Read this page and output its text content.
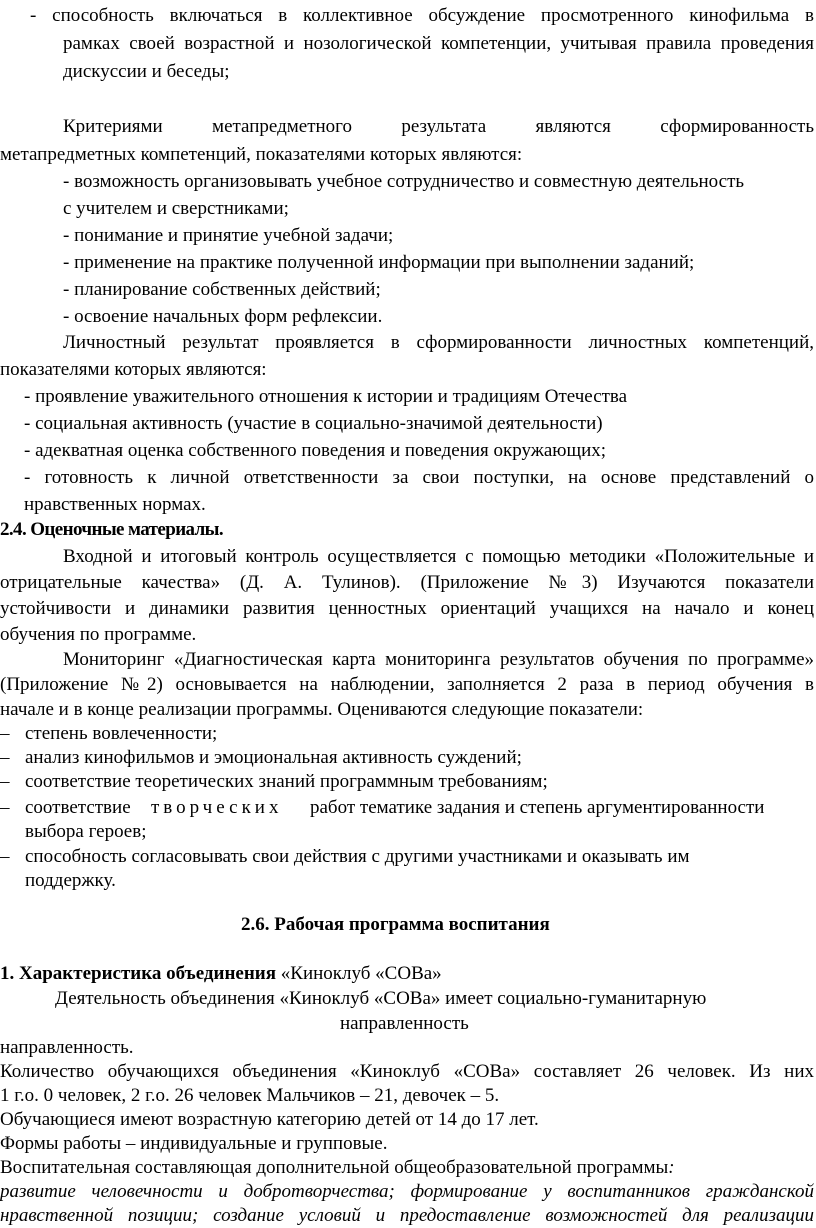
- способность включаться в коллективное обсуждение просмотренного кинофильма в
рамках своей возрастной и нозологической компетенции, учитывая правила проведения
дискуссии и беседы;
Критериями метапредметного результата являются сформированность
метапредметных компетенций, показателями которых являются:
- возможность организовывать учебное сотрудничество и совместную деятельность
с учителем и сверстниками;
- понимание и принятие учебной задачи;
- применение на практике полученной информации при выполнении заданий;
- планирование собственных действий;
- освоение начальных форм рефлексии.
Личностный результат проявляется в сформированности личностных компетенций,
показателями которых являются:
- проявление уважительного отношения к истории и традициям Отечества
- социальная активность (участие в социально-значимой деятельности)
- адекватная оценка собственного поведения и поведения окружающих;
- готовность к личной ответственности за свои поступки, на основе представлений о
нравственных нормах.
2.4. Оценочные материалы.
Входной и итоговый контроль осуществляется с помощью методики «Положительные и
отрицательные качества» (Д. А. Тулинов). (Приложение №3) Изучаются показатели
устойчивости и динамики развития ценностных ориентаций учащихся на начало и конец
обучения по программе.
Мониторинг «Диагностическая карта мониторинга результатов обучения по программе»
(Приложение №2) основывается на наблюдении, заполняется 2 раза в период обучения в
начале и в конце реализации программы. Оцениваются следующие показатели:
– степень вовлеченности;
– анализ кинофильмов и эмоциональная активность суждений;
– соответствие теоретических знаний программным требованиям;
– соответствие творческих работ тематике задания и степень аргументированности
выбора героев;
– способность согласовывать свои действия с другими участниками и оказывать им
поддержку.
2.6. Рабочая программа воспитания
1. Характеристика объединения «Киноклуб «СОВа»
Деятельность объединения «Киноклуб «СОВа» имеет социально-гуманитарную
направленность
направленность.
Количество обучающихся объединения «Киноклуб «СОВа» составляет 26 человек. Из них
1 г.о. 0 человек, 2 г.о. 26 человек Мальчиков – 21, девочек – 5.
Обучающиеся имеют возрастную категорию детей от 14 до 17 лет.
Формы работы – индивидуальные и групповые.
Воспитательная составляющая дополнительной общеобразовательной программы:
развитие человечности и добротворчества; формирование у воспитанников гражданской
нравственной позиции; создание условий и предоставление возможностей для реализации
